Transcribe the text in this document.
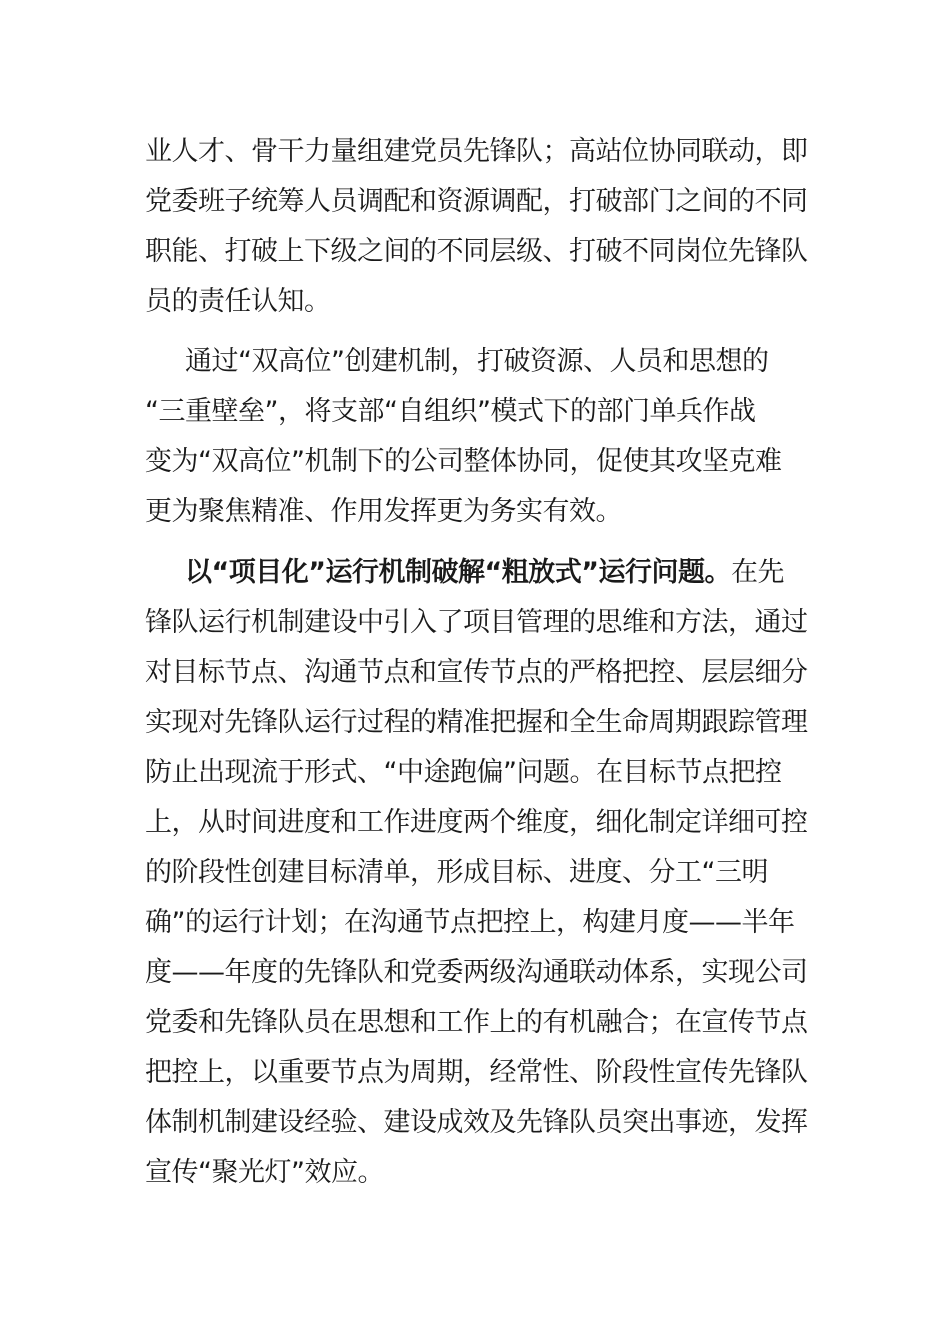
业人才、骨干力量组建党员先锋队；高站位协同联动，即
党委班子统筹人员调配和资源调配，打破部门之间的不同
职能、打破上下级之间的不同层级、打破不同岗位先锋队
员的责任认知。
通过“双高位”创建机制，打破资源、人员和思想的
“三重壁垒”，将支部“自组织”模式下的部门单兵作战
变为“双高位”机制下的公司整体协同，促使其攻坚克难
更为聚焦精准、作用发挥更为务实有效。
以“项目化”运行机制破解“粗放式”运行问题。在先
锋队运行机制建设中引入了项目管理的思维和方法，通过
对目标节点、沟通节点和宣传节点的严格把控、层层细分
实现对先锋队运行过程的精准把握和全生命周期跟踪管理
防止出现流于形式、“中途跑偏”问题。在目标节点把控
上，从时间进度和工作进度两个维度，细化制定详细可控
的阶段性创建目标清单，形成目标、进度、分工“三明
确”的运行计划；在沟通节点把控上，构建月度——半年
度——年度的先锋队和党委两级沟通联动体系，实现公司
党委和先锋队员在思想和工作上的有机融合；在宣传节点
把控上，以重要节点为周期，经常性、阶段性宣传先锋队
体制机制建设经验、建设成效及先锋队员突出事迹，发挥
宣传“聚光灯”效应。
